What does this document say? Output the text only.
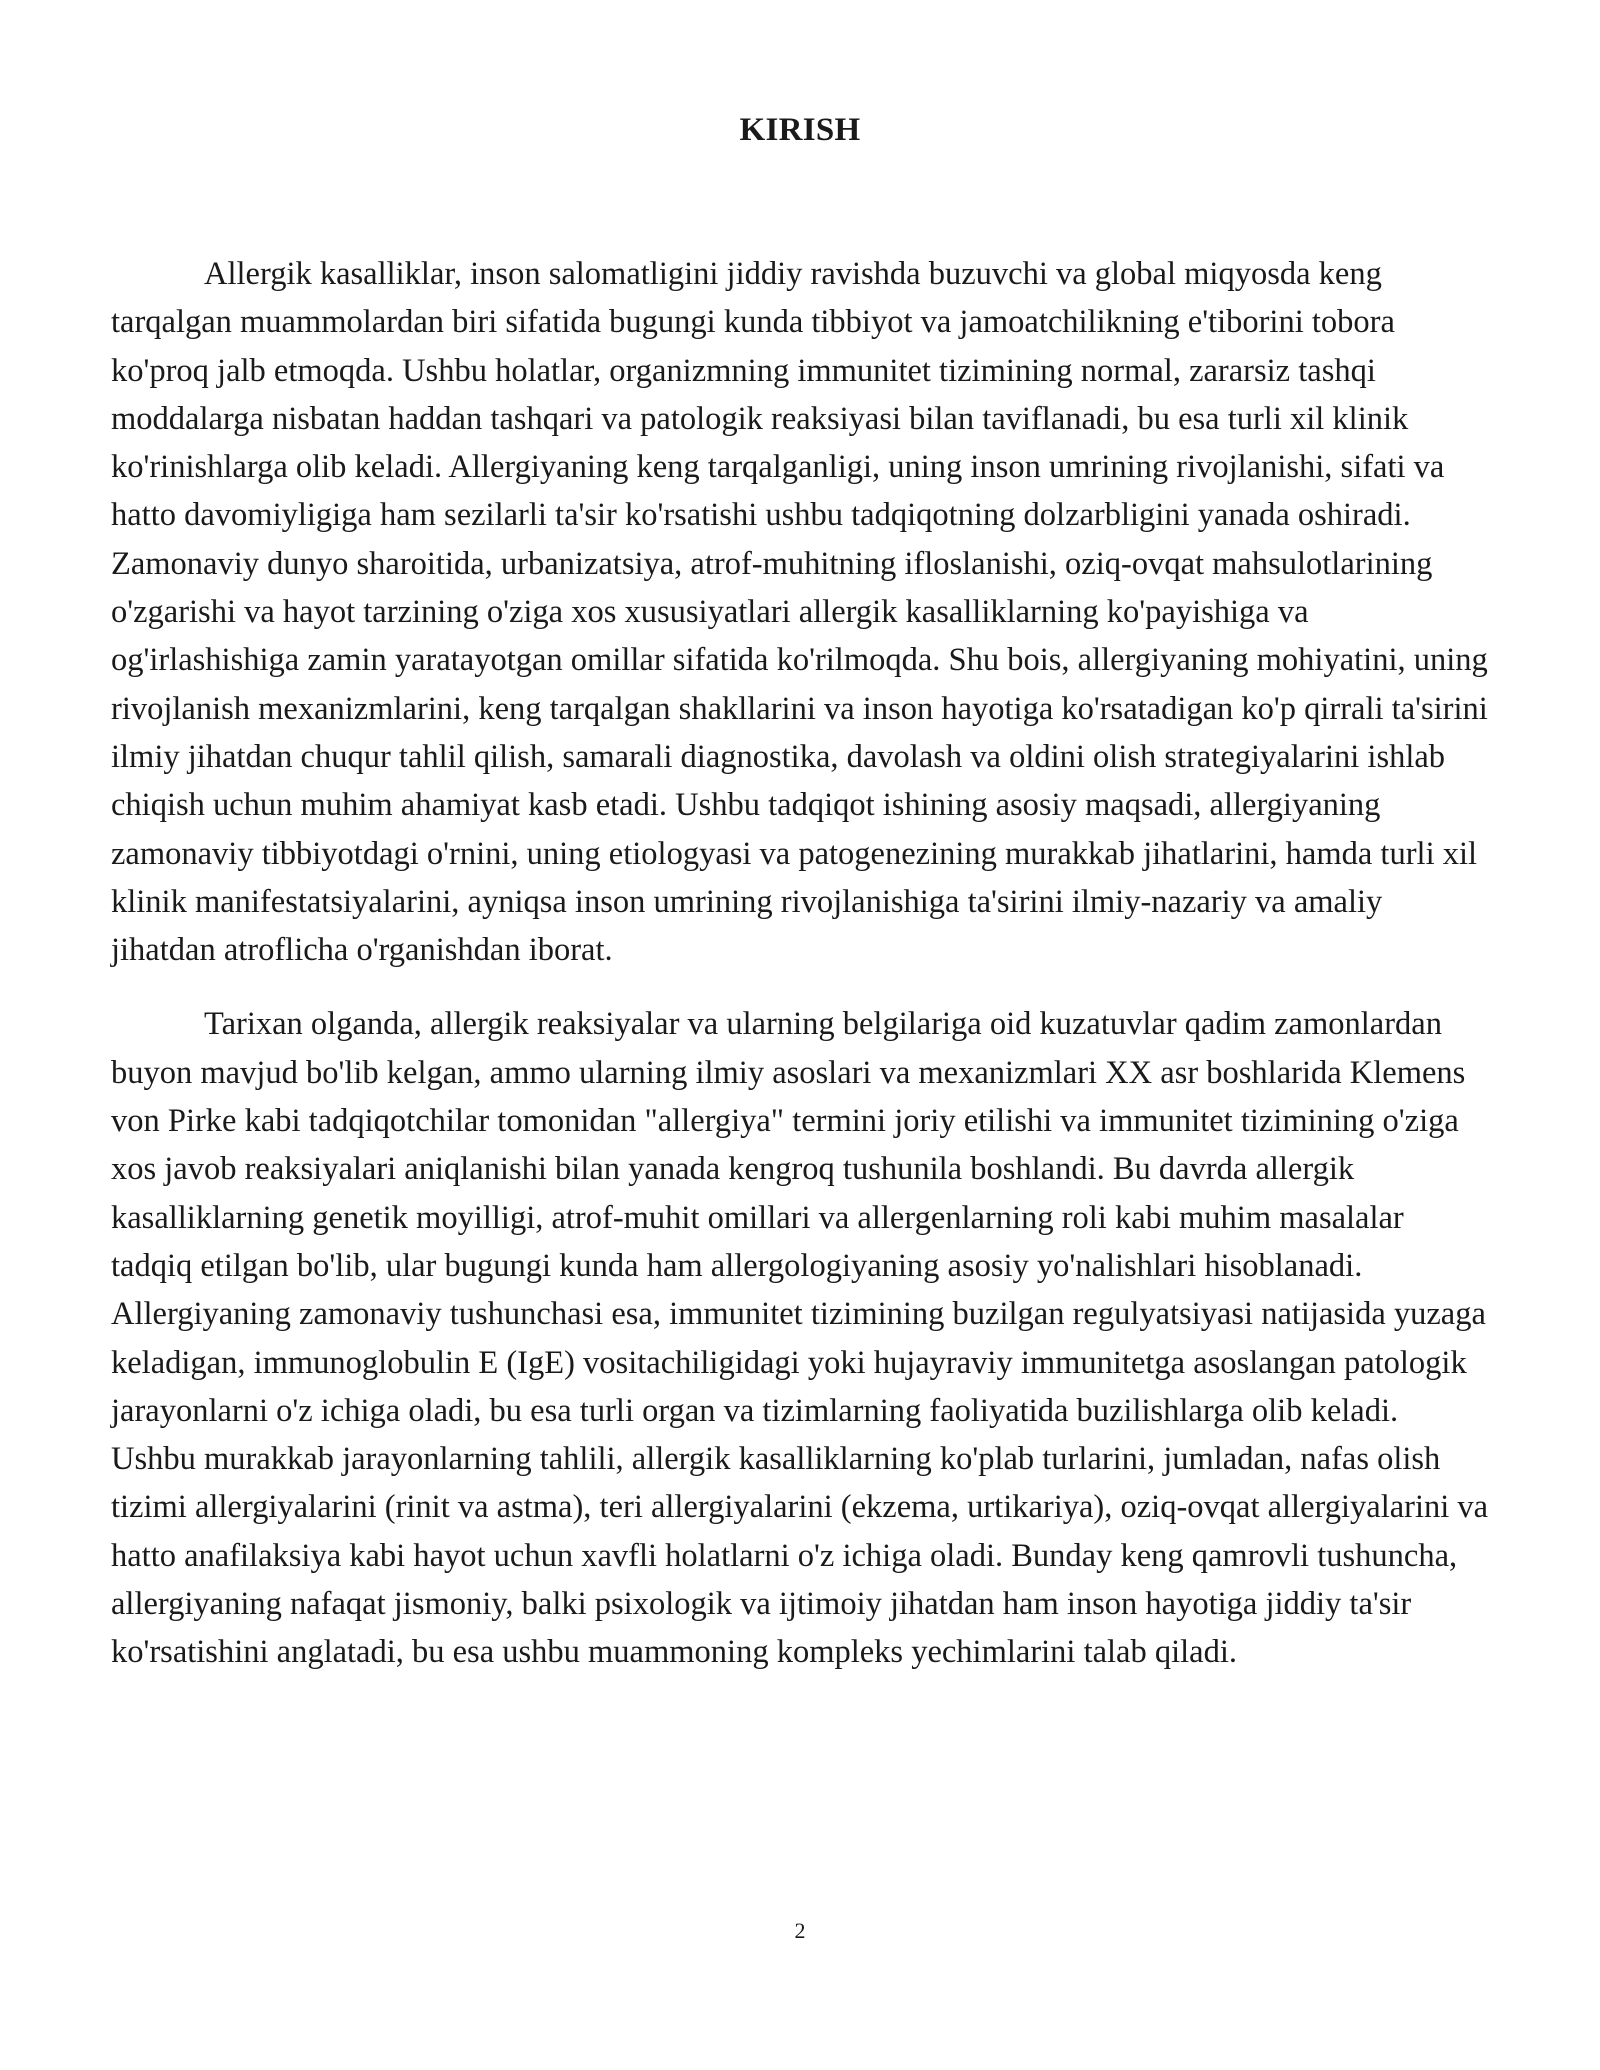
KIRISH

Allergik kasalliklar, inson salomatligini jiddiy ravishda buzuvchi va global miqyosda keng tarqalgan muammolardan biri sifatida bugungi kunda tibbiyot va jamoatchilikning e'tiborini tobora ko'proq jalb etmoqda. Ushbu holatlar, organizmning immunitet tizimining normal, zararsiz tashqi moddalarga nisbatan haddan tashqari va patologik reaksiyasi bilan taviflanadi, bu esa turli xil klinik ko'rinishlarga olib keladi. Allergiyaning keng tarqalganligi, uning inson umrining rivojlanishi, sifati va hatto davomiyligiga ham sezilarli ta'sir ko'rsatishi ushbu tadqiqotning dolzarbligini yanada oshiradi. Zamonaviy dunyo sharoitida, urbanizatsiya, atrof-muhitning ifloslanishi, oziq-ovqat mahsulotlarining o'zgarishi va hayot tarzining o'ziga xos xususiyatlari allergik kasalliklarning ko'payishiga va og'irlashishiga zamin yaratayotgan omillar sifatida ko'rilmoqda. Shu bois, allergiyaning mohiyatini, uning rivojlanish mexanizmlarini, keng tarqalgan shakllarini va inson hayotiga ko'rsatadigan ko'p qirrali ta'sirini ilmiy jihatdan chuqur tahlil qilish, samarali diagnostika, davolash va oldini olish strategiyalarini ishlab chiqish uchun muhim ahamiyat kasb etadi. Ushbu tadqiqot ishining asosiy maqsadi, allergiyaning zamonaviy tibbiyotdagi o'rnini, uning etiologyasi va patogenezining murakkab jihatlarini, hamda turli xil klinik manifestatsiyalarini, ayniqsa inson umrining rivojlanishiga ta'sirini ilmiy-nazariy va amaliy jihatdan atroflicha o'rganishdan iborat.

Tarixan olganda, allergik reaksiyalar va ularning belgilariga oid kuzatuvlar qadim zamonlardan buyon mavjud bo'lib kelgan, ammo ularning ilmiy asoslari va mexanizmlari XX asr boshlarida Klemens von Pirke kabi tadqiqotchilar tomonidan "allergiya" termini joriy etilishi va immunitet tizimining o'ziga xos javob reaksiyalari aniqlanishi bilan yanada kengroq tushunila boshlandi. Bu davrda allergik kasalliklarning genetik moyilligi, atrof-muhit omillari va allergenlarning roli kabi muhim masalalar tadqiq etilgan bo'lib, ular bugungi kunda ham allergologiyaning asosiy yo'nalishlari hisoblanadi. Allergiyaning zamonaviy tushunchasi esa, immunitet tizimining buzilgan regulyatsiyasi natijasida yuzaga keladigan, immunoglobulin E (IgE) vositachiligidagi yoki hujayraviy immunitetga asoslangan patologik jarayonlarni o'z ichiga oladi, bu esa turli organ va tizimlarning faoliyatida buzilishlarga olib keladi. Ushbu murakkab jarayonlarning tahlili, allergik kasalliklarning ko'plab turlarini, jumladan, nafas olish tizimi allergiyalarini (rinit va astma), teri allergiyalarini (ekzema, urtikariya), oziq-ovqat allergiyalarini va hatto anafilaksiya kabi hayot uchun xavfli holatlarni o'z ichiga oladi. Bunday keng qamrovli tushuncha, allergiyaning nafaqat jismoniy, balki psixologik va ijtimoiy jihatdan ham inson hayotiga jiddiy ta'sir ko'rsatishini anglatadi, bu esa ushbu muammoning kompleks yechimlarini talab qiladi.

2
